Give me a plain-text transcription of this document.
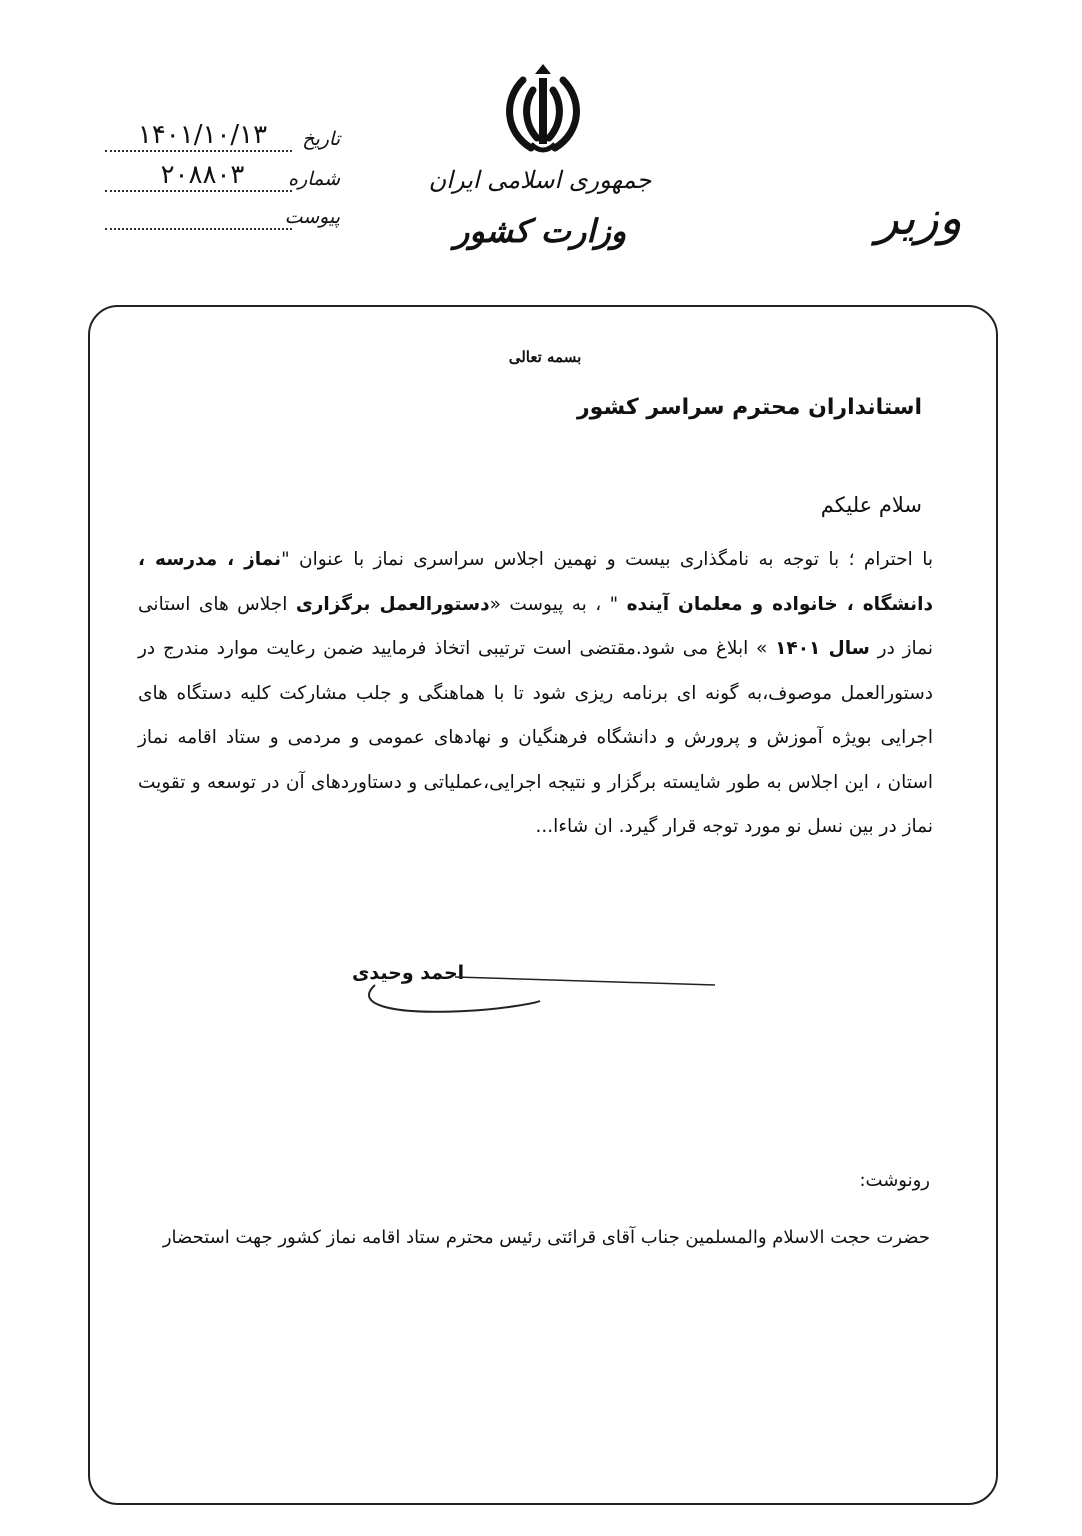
تاریخ
۱۴۰۱/۱۰/۱۳
شماره
۲۰۸۸۰۳
پیوست
جمهوری اسلامی ایران
وزارت کشور	وزیر
بسمه تعالی
استانداران محترم سراسر کشور
سلام علیکم
با احترام ؛ با توجه به نامگذاری بیست و نهمین اجلاس سراسری نماز با عنوان "نماز ، مدرسه ، دانشگاه ، خانواده و معلمان آینده " ، به پیوست «دستورالعمل برگزاری اجلاس های استانی نماز در سال ۱۴۰۱ » ابلاغ می شود.مقتضی است ترتیبی اتخاذ فرمایید ضمن رعایت موارد مندرج در دستورالعمل موصوف،به گونه ای برنامه ریزی شود تا با هماهنگی و جلب مشارکت کلیه دستگاه های اجرایی بویژه آموزش و پرورش و دانشگاه فرهنگیان و نهادهای عمومی و مردمی و ستاد اقامه نماز استان ، این اجلاس به طور شایسته برگزار و نتیجه اجرایی،عملیاتی و دستاوردهای آن در توسعه و تقویت نماز در بین نسل نو مورد توجه قرار گیرد. ان شاءا...
احمد وحیدی
رونوشت:
حضرت حجت الاسلام والمسلمین جناب آقای قرائتی رئیس محترم ستاد اقامه نماز کشور جهت استحضار
